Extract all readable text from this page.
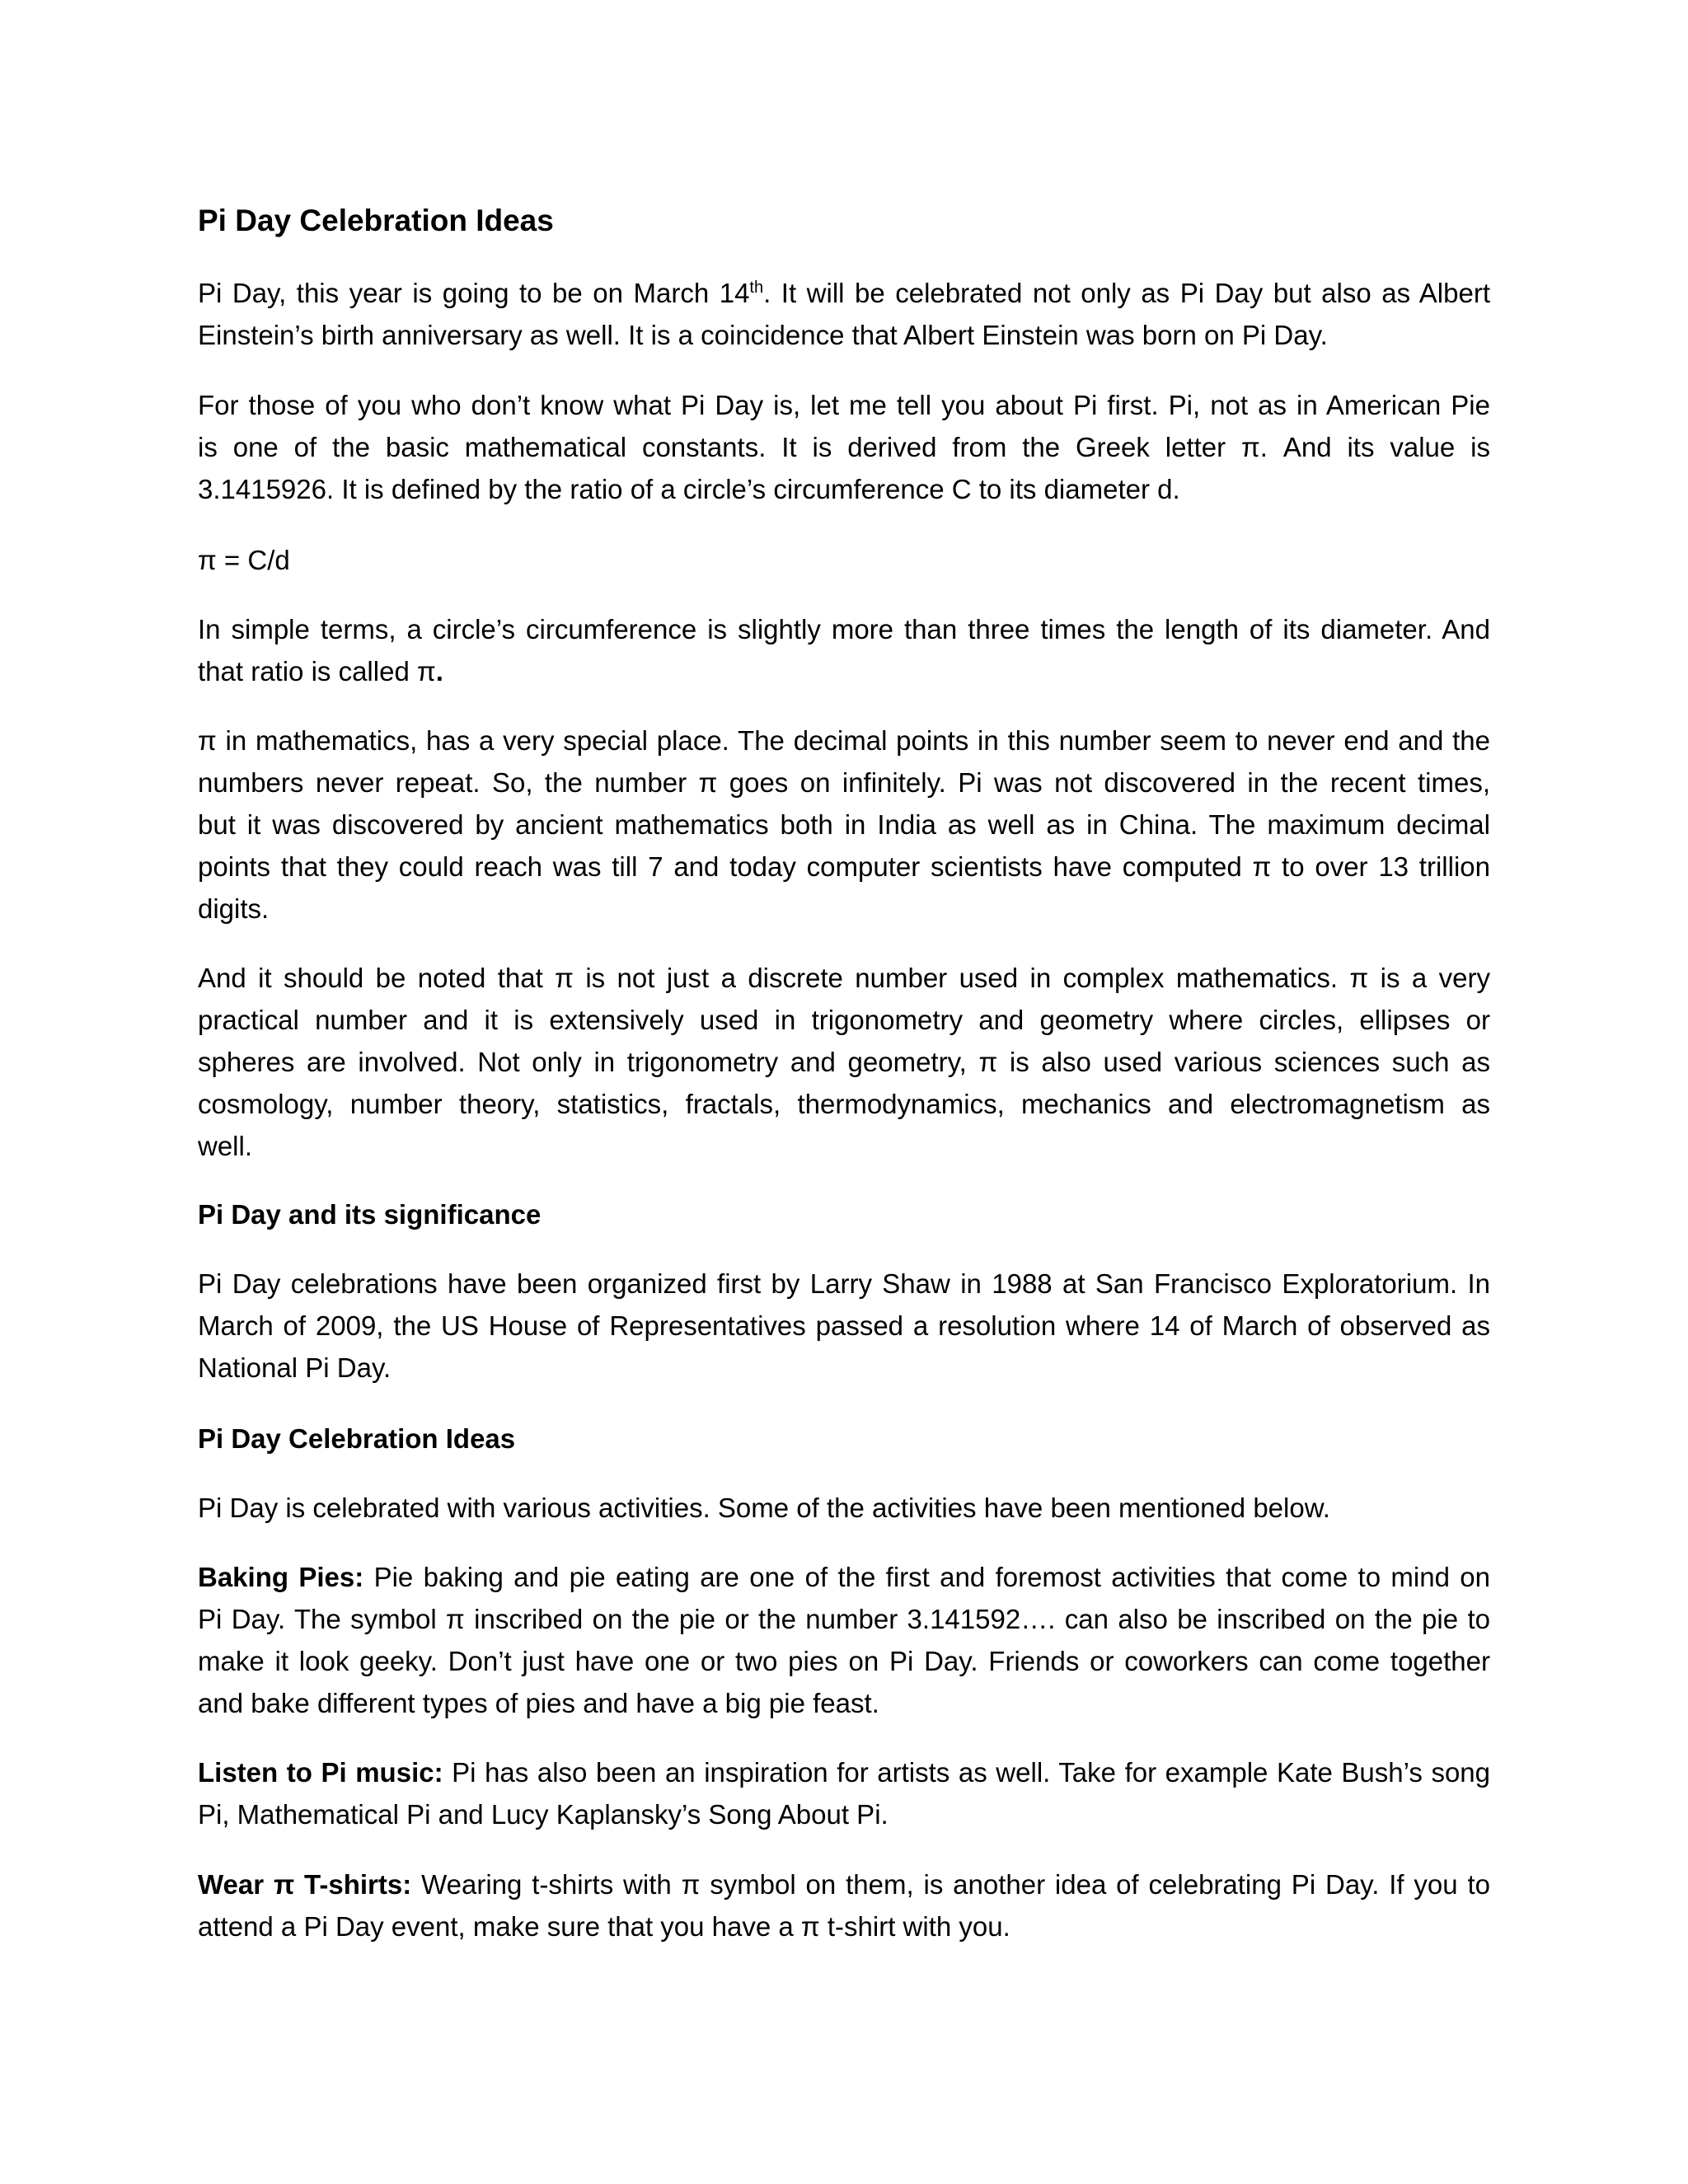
Pi Day Celebration Ideas
Pi Day, this year is going to be on March 14th. It will be celebrated not only as Pi Day but also as Albert
Einstein’s birth anniversary as well. It is a coincidence that Albert Einstein was born on Pi Day.
For those of you who don’t know what Pi Day is, let me tell you about Pi first. Pi, not as in American Pie
is one of the basic mathematical constants. It is derived from the Greek letter π. And its value is
3.1415926. It is defined by the ratio of a circle’s circumference C to its diameter d.
π = C/d
In simple terms, a circle’s circumference is slightly more than three times the length of its diameter. And
that ratio is called π.
π in mathematics, has a very special place. The decimal points in this number seem to never end and the
numbers never repeat. So, the number π goes on infinitely. Pi was not discovered in the recent times,
but it was discovered by ancient mathematics both in India as well as in China. The maximum decimal
points that they could reach was till 7 and today computer scientists have computed π to over 13 trillion
digits.
And it should be noted that π is not just a discrete number used in complex mathematics. π is a very
practical number and it is extensively used in trigonometry and geometry where circles, ellipses or
spheres are involved. Not only in trigonometry and geometry, π is also used various sciences such as
cosmology, number theory, statistics, fractals, thermodynamics, mechanics and electromagnetism as
well.
Pi Day and its significance
Pi Day celebrations have been organized first by Larry Shaw in 1988 at San Francisco Exploratorium. In
March of 2009, the US House of Representatives passed a resolution where 14 of March of observed as
National Pi Day.
Pi Day Celebration Ideas
Pi Day is celebrated with various activities. Some of the activities have been mentioned below.
Baking Pies: Pie baking and pie eating are one of the first and foremost activities that come to mind on
Pi Day. The symbol π inscribed on the pie or the number 3.141592…. can also be inscribed on the pie to
make it look geeky. Don’t just have one or two pies on Pi Day. Friends or coworkers can come together
and bake different types of pies and have a big pie feast.
Listen to Pi music: Pi has also been an inspiration for artists as well. Take for example Kate Bush’s song
Pi, Mathematical Pi and Lucy Kaplansky’s Song About Pi.
Wear π T-shirts: Wearing t-shirts with π symbol on them, is another idea of celebrating Pi Day. If you to
attend a Pi Day event, make sure that you have a π t-shirt with you.
